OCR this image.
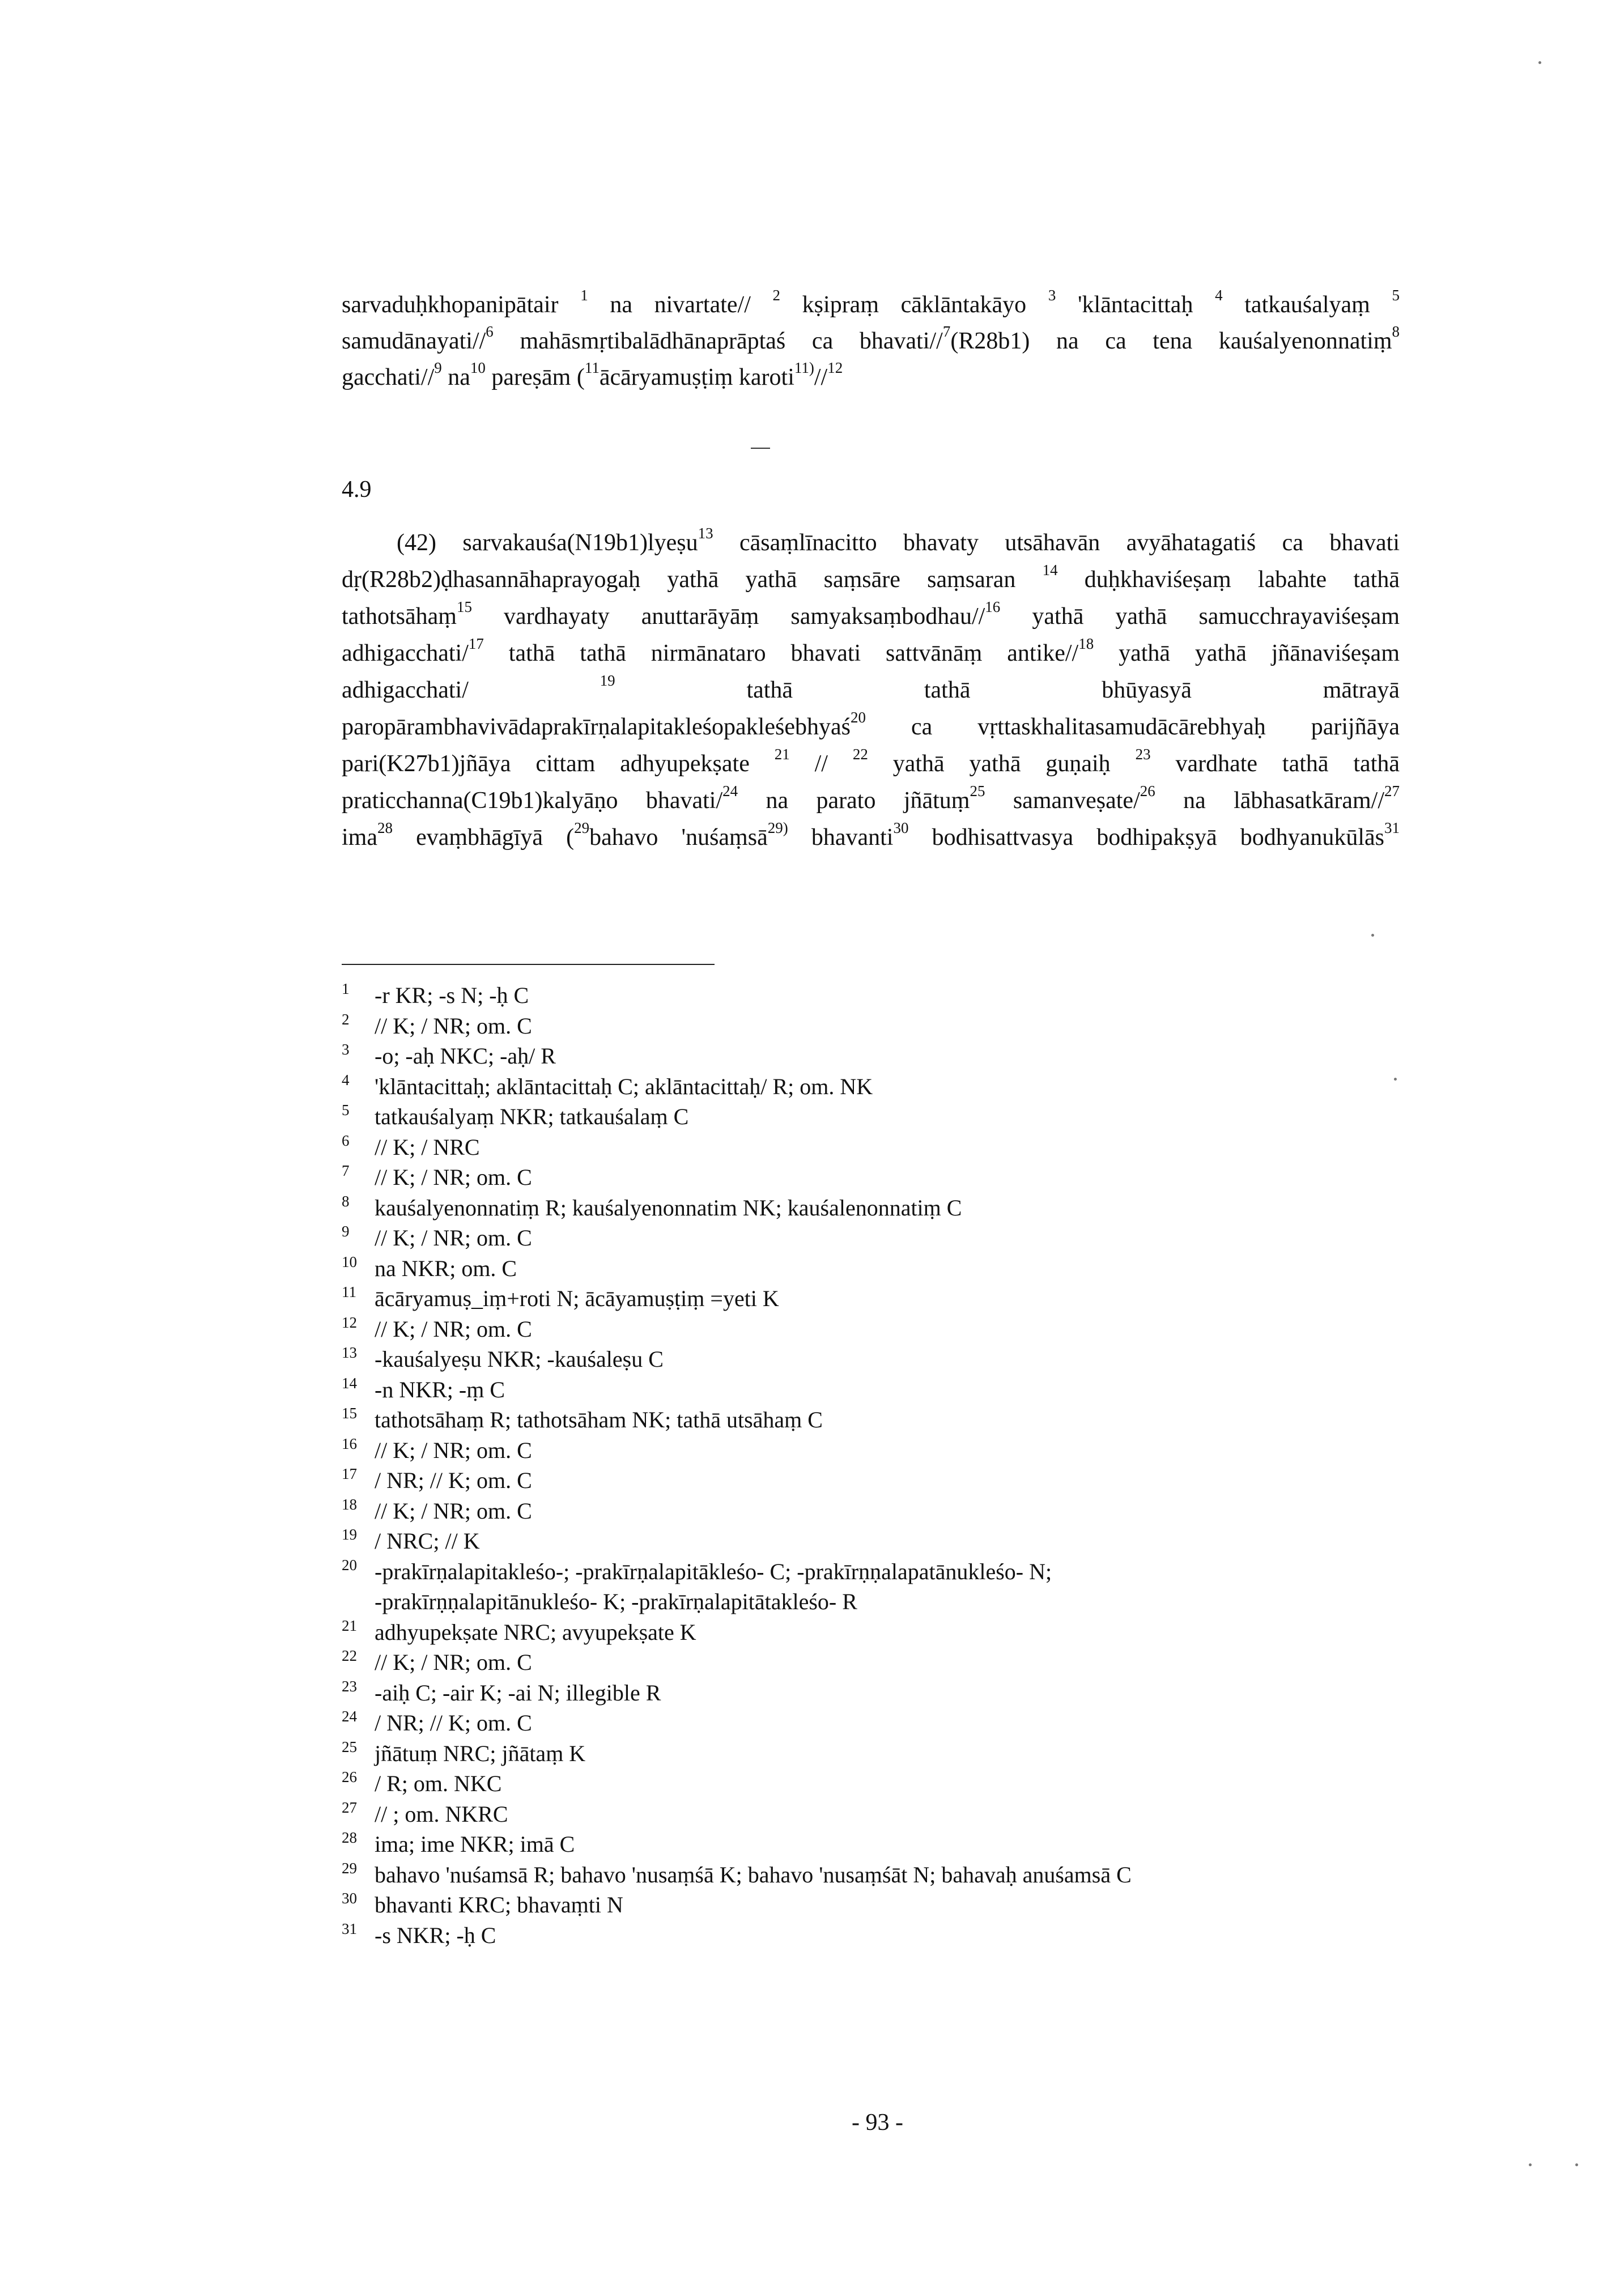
sarvaduḥkhopanipātair $^1$ na nivartate// $^2$ kṣipraṃ cāklāntakāyo $^3$ 'klāntacittaḥ $^4$ tatkauśalyaṃ $^5$
samudānayati//$^6$ mahāsmṛtibalādhānaprāptaś ca bhavati//$^7$(R28b1) na ca tena kauśalyenonnatiṃ$^8$
gacchati//$^9$ $na^{10}$ pareṣām ($^{11}$ācāryamuṣṭiṃ karoti$^{11)}$//$^{12}$
4.9
(42) sarvakauśa(N19b1)lyeṣu$^{13}$ cāsaṃlīnacitto bhavaty utsāhavān avyāhatagatiś ca bhavati
dṛ(R28b2)ḍhasannāhaprayogaḥ yathā yathā saṃsāre saṃsaran $^{14}$ duḥkhaviśeṣaṃ labahte tathā
tathotsāhaṃ$^{15}$ vardhayaty anuttarāyāṃ samyaksaṃbodhau//$^{16}$ yathā yathā samucchrayaviśeṣam
adhigacchati/$^{17}$ tathā tathā nirmānataro bhavati sattvānāṃ antike//$^{18}$ yathā yathā jñānaviśeṣam
adhigacchati/	$^{19}$	tathā	tathā	bhūyasyā	mātrayā
paropārambhavivādaprakīrṇalapitakleśopakleśebhyaś$^{20}$ ca vṛttaskhalitasamudācārebhyaḥ parijñāya
pari(K27b1)jñāya cittam adhyupekṣate $^{21}$ // $^{22}$ yathā yathā guṇaiḥ $^{23}$ vardhate tathā tathā
praticchanna(C19b1)kalyāṇo bhavati/$^{24}$ na parato jñātuṃ$^{25}$ samanveṣate/$^{26}$ na lābhasatkāram//$^{27}$
ima$^{28}$ evaṃbhāgīyā ($^{29}$bahavo 'nuśaṃsā$^{29)}$ bhavanti$^{30}$ bodhisattvasya bodhipakṣyā bodhyanukūlās$^{31}$
1 -r KR; -s N; -ḥ C
2 // K; / NR; om. C
3 -o; -aḥ NKC; -aḥ/ R
4 'klāntacittaḥ; aklāntacittaḥ C; aklāntacittaḥ/ R; om. NK
5 tatkauśalyaṃ NKR; tatkauśalaṃ C
6 // K; / NRC
7 // K; / NR; om. C
8 kauśalyenonnatiṃ R; kauśalyenonnatim NK; kauśalenonnatiṃ C
9 // K; / NR; om. C
10 na NKR; om. C
11 ācāryamuṣ_iṃ+roti N; ācāyamuṣṭiṃ =yeti K
12 // K; / NR; om. C
13 -kauśalyeṣu NKR; -kauśaleṣu C
14 -n NKR; -ṃ C
15 tathotsāhaṃ R; tathotsāham NK; tathā utsāhaṃ C
16 // K; / NR; om. C
17 / NR; // K; om. C
18 // K; / NR; om. C
19 / NRC; // K
20 -prakīrṇalapitakleśo-; -prakīrṇalapitākleśo- C; -prakīrṇṇalapatānukleśo- N;
-prakīrṇṇalapitānukleśo- K; -prakīrṇalapitātakleśo- R
21 adhyupekṣate NRC; avyupekṣate K
22 // K; / NR; om. C
23 -aiḥ C; -air K; -ai N; illegible R
24 / NR; // K; om. C
25 jñātuṃ NRC; jñātaṃ K
26 / R; om. NKC
27 // ; om. NKRC
28 ima; ime NKR; imā C
29 bahavo 'nuśamsā R; bahavo 'nusaṃśā K; bahavo 'nusaṃśāt N; bahavaḥ anuśamsā C
30 bhavanti KRC; bhavaṃti N
31 -s NKR; -ḥ C
- 93 -
